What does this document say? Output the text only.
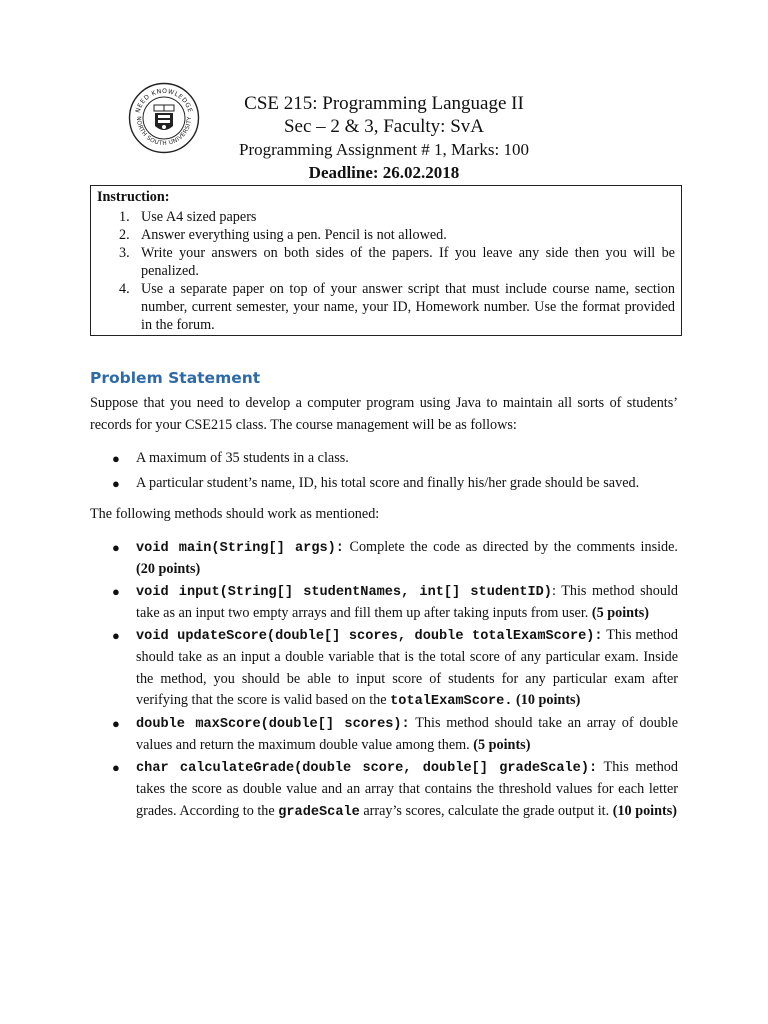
NEED KNOWLEDGE
NORTH SOUTH UNIVERSITY
CSE 215: Programming Language II
Sec – 2 & 3, Faculty: SvA
Programming Assignment # 1, Marks: 100
Deadline: 26.02.2018
Instruction:
1. Use A4 sized papers
2. Answer everything using a pen. Pencil is not allowed.
3. Write your answers on both sides of the papers. If you leave any side then you will be penalized.
4. Use a separate paper on top of your answer script that must include course name, section number, current semester, your name, your ID, Homework number. Use the format provided in the forum.
Problem Statement
Suppose that you need to develop a computer program using Java to maintain all sorts of students’ records for your CSE215 class. The course management will be as follows:
● A maximum of 35 students in a class.
● A particular student’s name, ID, his total score and finally his/her grade should be saved.
The following methods should work as mentioned:
● void main(String[] args): Complete the code as directed by the comments inside. (20 points)
● void input(String[] studentNames, int[] studentID): This method should take as an input two empty arrays and fill them up after taking inputs from user. (5 points)
● void updateScore(double[] scores, double totalExamScore): This method should take as an input a double variable that is the total score of any particular exam. Inside the method, you should be able to input score of students for any particular exam after verifying that the score is valid based on the totalExamScore. (10 points)
● double maxScore(double[] scores): This method should take an array of double values and return the maximum double value among them. (5 points)
● char calculateGrade(double score, double[] gradeScale): This method takes the score as double value and an array that contains the threshold values for each letter grades. According to the gradeScale array’s scores, calculate the grade output it. (10 points)
